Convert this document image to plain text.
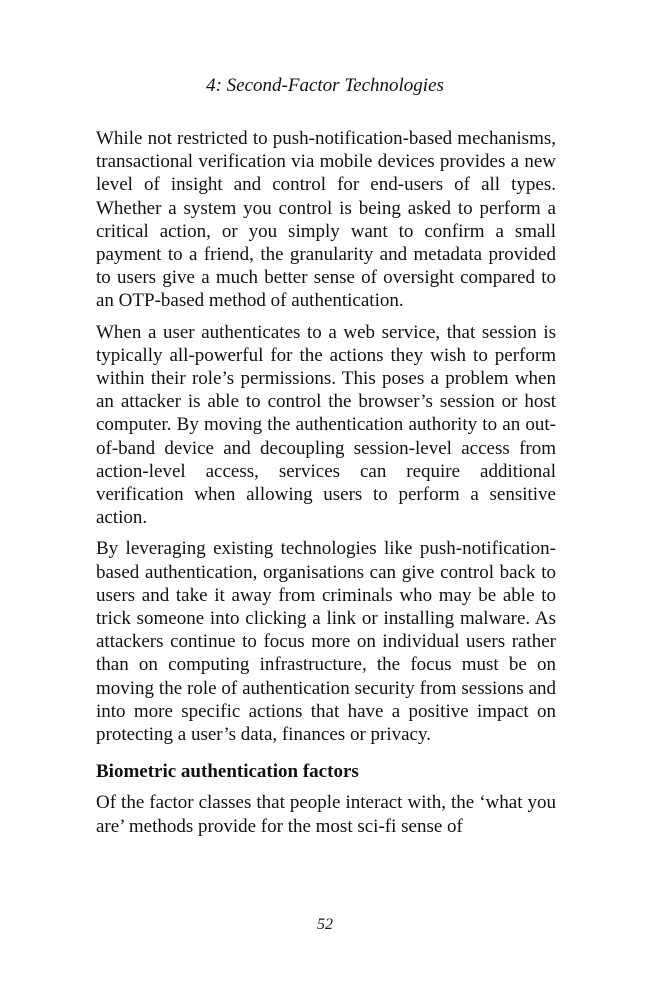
4: Second-Factor Technologies

While not restricted to push-notification-based mechanisms, transactional verification via mobile devices provides a new level of insight and control for end-users of all types. Whether a system you control is being asked to perform a critical action, or you simply want to confirm a small payment to a friend, the granularity and metadata provided to users give a much better sense of oversight compared to an OTP-based method of authentication.

When a user authenticates to a web service, that session is typically all-powerful for the actions they wish to perform within their role’s permissions. This poses a problem when an attacker is able to control the browser’s session or host computer. By moving the authentication authority to an out-of-band device and decoupling session-level access from action-level access, services can require additional verification when allowing users to perform a sensitive action.

By leveraging existing technologies like push-notification-based authentication, organisations can give control back to users and take it away from criminals who may be able to trick someone into clicking a link or installing malware. As attackers continue to focus more on individual users rather than on computing infrastructure, the focus must be on moving the role of authentication security from sessions and into more specific actions that have a positive impact on protecting a user’s data, finances or privacy.

Biometric authentication factors

Of the factor classes that people interact with, the ‘what you are’ methods provide for the most sci-fi sense of

52
